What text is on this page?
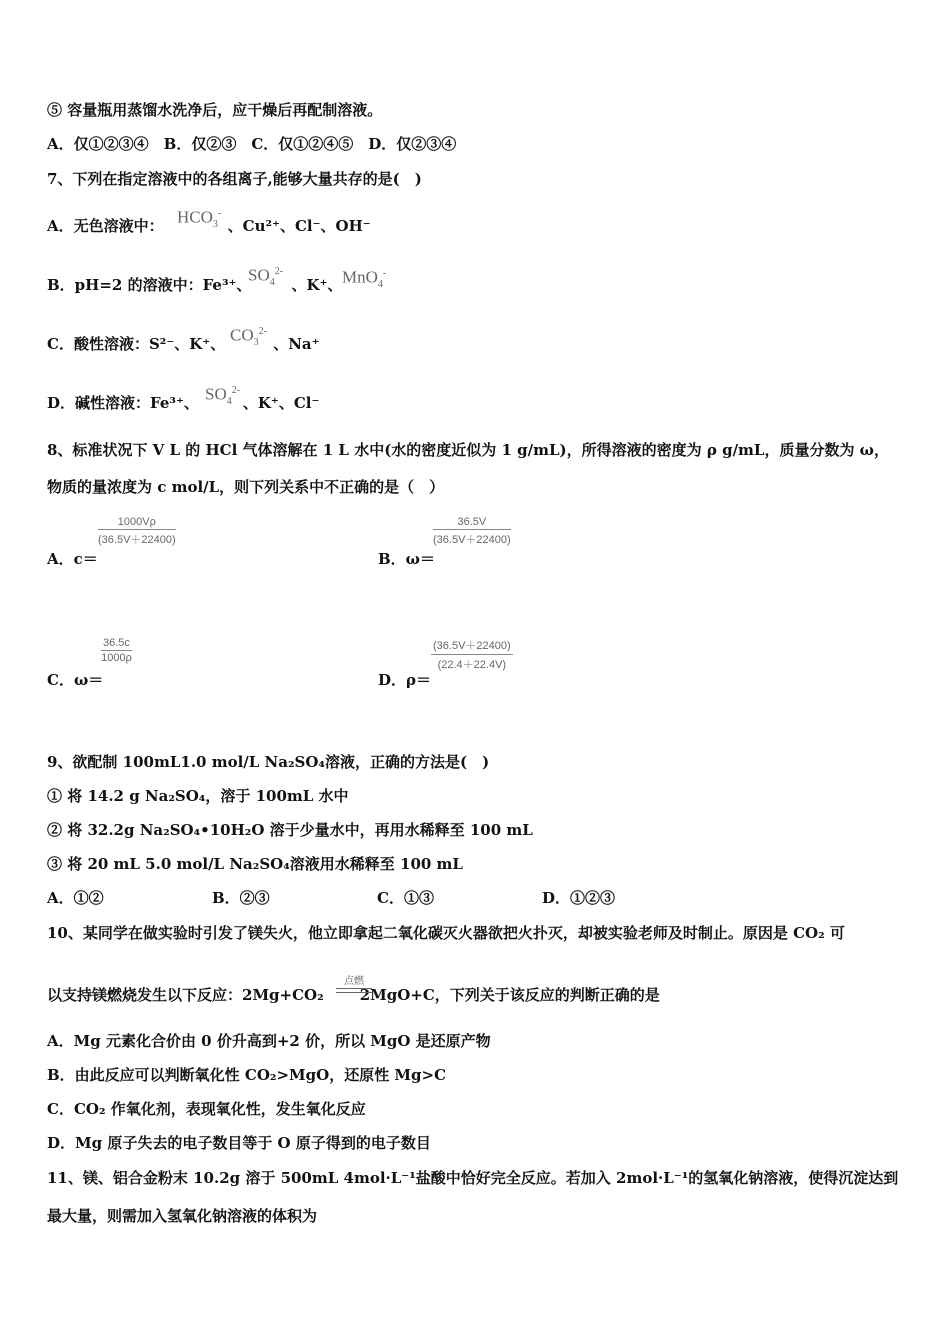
⑤ 容量瓶用蒸馏水洗净后，应干燥后再配制溶液。
A．仅①②③④　B．仅②③　C．仅①②④⑤　D．仅②③④
7、下列在指定溶液中的各组离子,能够大量共存的是(　)
A．无色溶液中：	、Cu²⁺、Cl⁻、OH⁻
$HCO_3^-$
B．pH=2 的溶液中：Fe³⁺、	、K⁺、
$SO_4^{2-}$	MnO$_4$-
C．酸性溶液：S²⁻、K⁺、	、Na⁺
$CO_3^{2-}$
D．碱性溶液：Fe³⁺、	、K⁺、Cl⁻
$SO_4^{2-}$
8、标准状况下 V L 的 HCl 气体溶解在 1 L 水中(水的密度近似为 1 g/mL)，所得溶液的密度为 ρ g/mL，质量分数为 ω，
物质的量浓度为 c mol/L，则下列关系中不正确的是（　）
A．c＝
$\frac{1000V\rho}{(36.5V+22400)}$
B．ω＝
$\frac{36.5V}{(36.5V+22400)}$
C．ω＝
$\frac{36.5c}{1000\rho}$
D．ρ＝
$\frac{(36.5V+22400)}{(22.4+22.4V)}$
9、欲配制 100mL1.0 mol/L Na₂SO₄溶液，正确的方法是(　)
① 将 14.2 g Na₂SO₄，溶于 100mL 水中
② 将 32.2g Na₂SO₄•10H₂O 溶于少量水中，再用水稀释至 100 mL
③ 将 20 mL 5.0 mol/L Na₂SO₄溶液用水稀释至 100 mL
A．①②	B．②③	C．①③	D．①②③
10、某同学在做实验时引发了镁失火，他立即拿起二氧化碳灭火器欲把火扑灭，却被实验老师及时制止。原因是 CO₂ 可
以支持镁燃烧发生以下反应：2Mg+CO₂ 2MgO+C，下列关于该反应的判断正确的是
点燃
A．Mg 元素化合价由 0 价升高到+2 价，所以 MgO 是还原产物
B．由此反应可以判断氧化性 CO₂>MgO，还原性 Mg>C
C．CO₂ 作氧化剂，表现氧化性，发生氧化反应
D．Mg 原子失去的电子数目等于 O 原子得到的电子数目
11、镁、铝合金粉末 10.2g 溶于 500mL 4mol·L⁻¹盐酸中恰好完全反应。若加入 2mol·L⁻¹的氢氧化钠溶液，使得沉淀达到
最大量，则需加入氢氧化钠溶液的体积为
